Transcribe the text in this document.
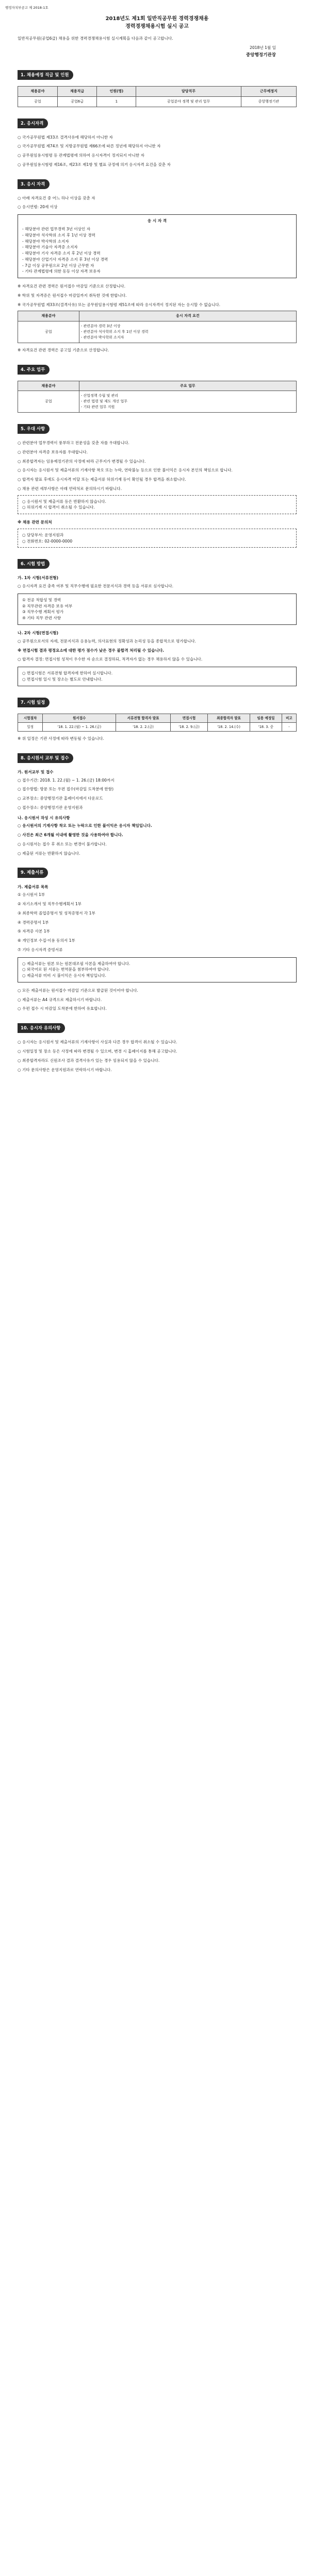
행정자치부공고 제 2018-1호
2018년도 제1회 일반직공무원 경력경쟁채용
경력경쟁채용시험 실시 공고

일반직공무원(공업6급) 채용을 위한 경력경쟁채용시험 실시계획을 다음과 같이 공고합니다.

2018년 1월 일
중앙행정기관장
1. 채용예정 직급 및 인원
채용분야	채용직급	인원(명)	담당직무	근무예정지
공업	공업6급	1	공업분야 정책 및 관리 업무	중앙행정기관
2. 응시자격

○ 국가공무원법 제33조 결격사유에 해당하지 아니한 자

○ 국가공무원법 제74조 및 지방공무원법 제66조에 따른 정년에 해당하지 아니한 자

○ 공무원임용시험령 등 관계법령에 의하여 응시자격이 정지되지 아니한 자

○ 공무원임용시험령 제16조, 제23조 제1항 및 별표 규정에 의거 응시자격 요건을 갖춘 자

3. 응시 자격

○ 아래 자격요건 중 어느 하나 이상을 갖춘 자

○ 응시연령: 20세 이상

응 시 자 격
- 해당분야 관련 업무경력 3년 이상인 자
- 해당분야 석사학위 소지 후 1년 이상 경력
- 해당분야 박사학위 소지자
- 해당분야 기술사 자격증 소지자
- 해당분야 기사 자격증 소지 후 2년 이상 경력
- 해당분야 산업기사 자격증 소지 후 3년 이상 경력
- 7급 이상 공무원으로 2년 이상 근무한 자
- 기타 관계법령에 의한 동등 이상 자격 보유자

※ 자격요건 관련 경력은 원서접수 마감일 기준으로 산정합니다.

※ 학위 및 자격증은 원서접수 마감일까지 취득한 것에 한합니다.

※ 국가공무원법 제33조(결격사유) 또는 공무원임용시험령 제51조에 따라 응시자격이 정지된 자는 응시할 수 없습니다.

채용분야	응시 자격 요건
공업	- 관련분야 경력 3년 이상
- 관련분야 석사학위 소지 후 1년 이상 경력
- 관련분야 박사학위 소지자

※ 자격요건 관련 경력은 공고일 기준으로 산정합니다.

4. 주요 업무
채용분야	주요 업무
공업	- 산업정책 수립 및 관리
- 관련 법령 및 제도 개선 업무
- 기타 관련 업무 지원
5. 우대 사항

○ 관련분야 업무경력이 풍부하고 전문성을 갖춘 자를 우대합니다.

○ 관련분야 자격증 보유자를 우대합니다.

○ 최종합격자는 임용예정기관의 사정에 따라 근무지가 변경될 수 있습니다.

○ 응시자는 응시원서 및 제출서류의 기재사항 착오 또는 누락, 연락불능 등으로 인한 불이익은 응시자 본인의 책임으로 합니다.

○ 합격자 발표 후에도 응시자격 미달 또는 제출서류 허위기재 등이 확인될 경우 합격을 취소합니다.

○ 채용 관련 세부사항은 아래 연락처로 문의하시기 바랍니다.

○ 응시원서 및 제출서류 등은 반환하지 않습니다.
○ 허위기재 시 합격이 취소될 수 있습니다.
※ 채용 관련 문의처
○ 담당부서: 운영지원과
○ 전화번호: 02-0000-0000
6. 시험 방법
가. 1차 시험(서류전형)

○ 응시자격 요건 충족 여부 및 직무수행에 필요한 전문지식과 경력 등을 서류로 심사합니다.

① 전공 적합성 및 경력
② 직무관련 자격증 보유 여부
③ 직무수행 계획서 평가
④ 기타 직무 관련 사항
나. 2차 시험(면접시험)

○ 공무원으로서의 자세, 전문지식과 응용능력, 의사표현의 정확성과 논리성 등을 종합적으로 평가합니다.

※ 면접시험 결과 평정요소에 대한 평가 점수가 낮은 경우 불합격 처리될 수 있습니다.

○ 합격자 결정: 면접시험 성적이 우수한 자 순으로 결정하되, 적격자가 없는 경우 채용하지 않을 수 있습니다.

○ 면접시험은 서류전형 합격자에 한하여 실시합니다.
○ 면접시험 일시 및 장소는 별도로 안내합니다.
7. 시험 일정
시험절차	원서접수	서류전형 합격자 발표	면접시험	최종합격자 발표	임용 예정일	비고
일정	'18. 1. 22.(월) ~ 1. 26.(금)	'18. 2. 2.(금)	'18. 2. 9.(금)	'18. 2. 14.(수)	'18. 3. 중	-

※ 위 일정은 기관 사정에 따라 변동될 수 있습니다.

8. 응시원서 교부 및 접수
가. 원서교부 및 접수

○ 접수기간: 2018. 1. 22.(월) ~ 1. 26.(금) 18:00까지

○ 접수방법: 방문 또는 우편 접수(마감일 도착분에 한함)

○ 교부장소: 중앙행정기관 홈페이지에서 다운로드

○ 접수장소: 중앙행정기관 운영지원과

나. 응시원서 작성 시 유의사항

○ 응시원서의 기재사항 착오 또는 누락으로 인한 불이익은 응시자 책임입니다.

○ 사진은 최근 6개월 이내에 촬영한 것을 사용하여야 합니다.

○ 응시원서는 접수 후 취소 또는 변경이 불가합니다.

○ 제출된 서류는 반환하지 않습니다.

9. 제출서류
가. 제출서류 목록

① 응시원서 1부

② 자기소개서 및 직무수행계획서 1부

③ 최종학력 졸업증명서 및 성적증명서 각 1부

④ 경력증명서 1부

⑤ 자격증 사본 1부

⑥ 개인정보 수집·이용 동의서 1부

⑦ 기타 응시자격 증빙서류

○ 제출서류는 원본 또는 원본대조필 사본을 제출하여야 합니다.
○ 외국어로 된 서류는 번역문을 첨부하여야 합니다.
○ 제출서류 미비 시 불이익은 응시자 책임입니다.

○ 모든 제출서류는 원서접수 마감일 기준으로 발급된 것이어야 합니다.

○ 제출서류는 A4 규격으로 제출하시기 바랍니다.

○ 우편 접수 시 마감일 도착분에 한하여 유효합니다.

10. 응시자 유의사항

○ 응시자는 응시원서 및 제출서류의 기재사항이 사실과 다른 경우 합격이 취소될 수 있습니다.

○ 시험일정 및 장소 등은 사정에 따라 변경될 수 있으며, 변경 시 홈페이지를 통해 공고합니다.

○ 최종합격자라도 신원조사 결과 결격사유가 있는 경우 임용되지 않을 수 있습니다.

○ 기타 문의사항은 운영지원과로 연락하시기 바랍니다.
